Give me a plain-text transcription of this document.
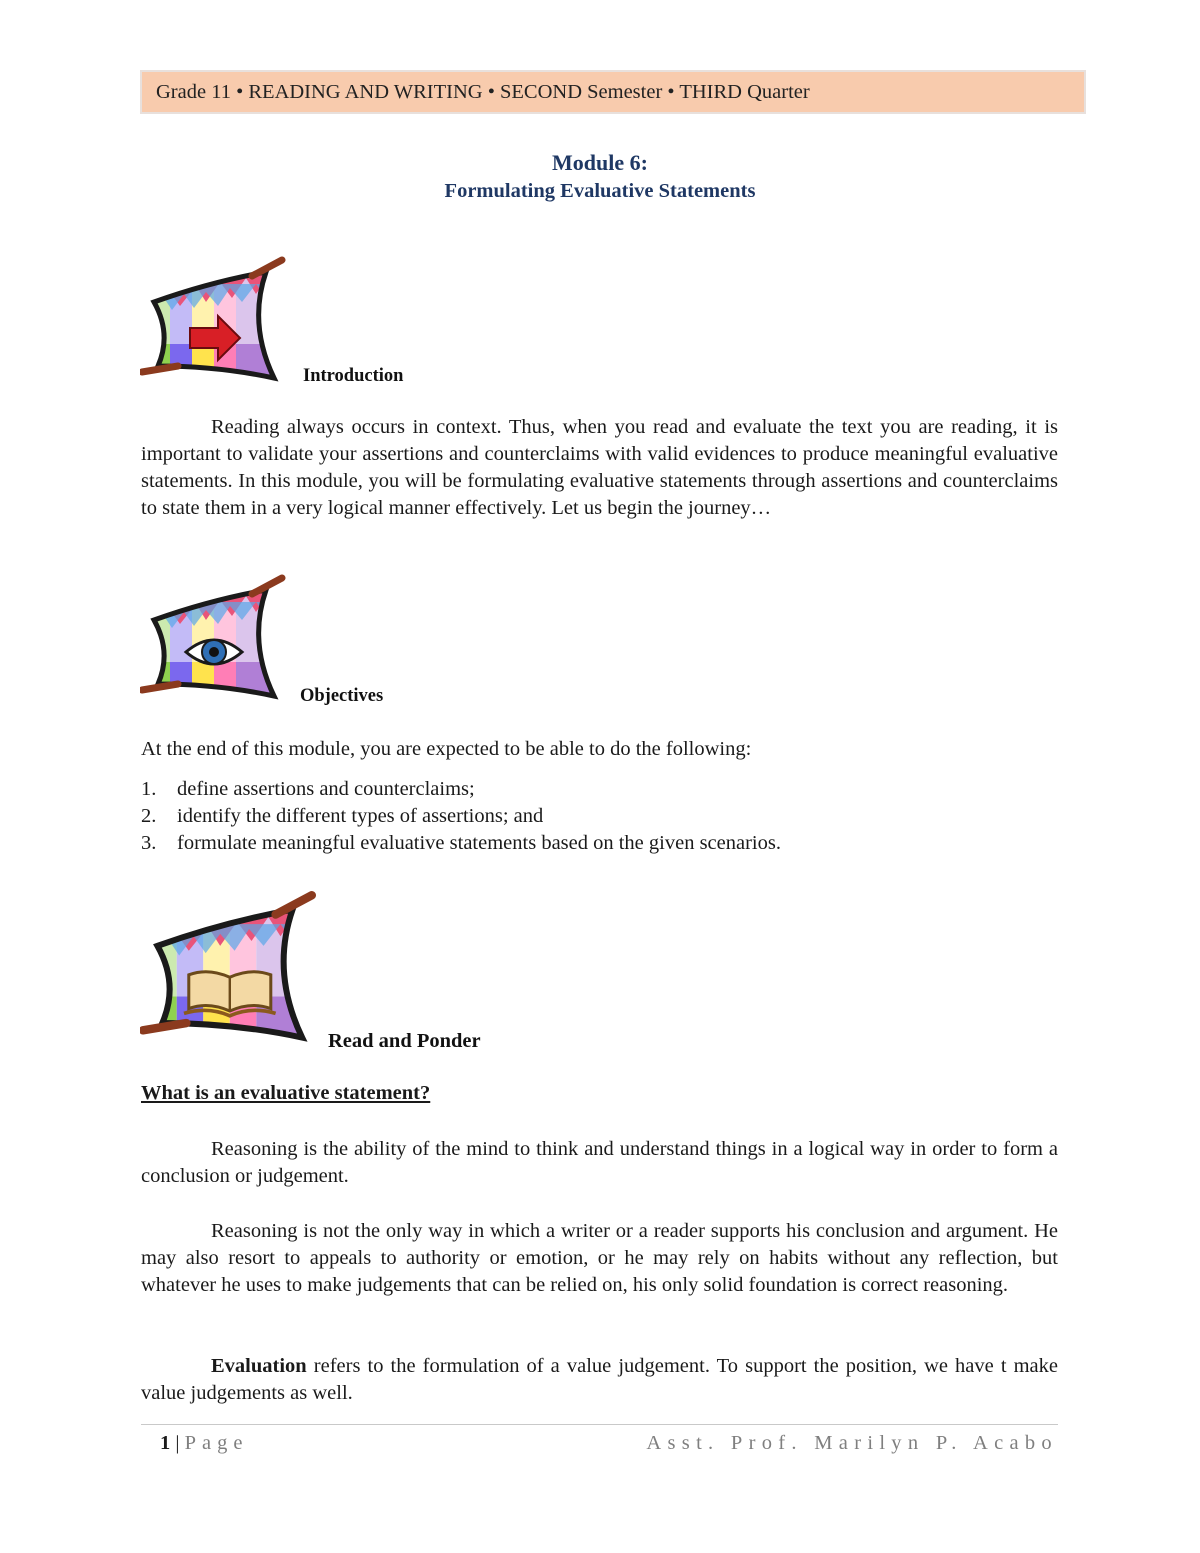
Grade 11 • READING AND WRITING • SECOND Semester • THIRD Quarter
Module 6:
Formulating Evaluative Statements
Introduction

Reading always occurs in context. Thus, when you read and evaluate the text you are reading, it is important to validate your assertions and counterclaims with valid evidences to produce meaningful evaluative statements. In this module, you will be formulating evaluative statements through assertions and counterclaims to state them in a very logical manner effectively. Let us begin the journey…

Objectives

At the end of this module, you are expected to be able to do the following:

1.	define assertions and counterclaims;
2.	identify the different types of assertions; and
3.	formulate meaningful evaluative statements based on the given scenarios.
Read and Ponder
What is an evaluative statement?

Reasoning is the ability of the mind to think and understand things in a logical way in order to form a conclusion or judgement.

Reasoning is not the only way in which a writer or a reader supports his conclusion and argument. He may also resort to appeals to authority or emotion, or he may rely on habits without any reflection, but whatever he uses to make judgements that can be relied on, his only solid foundation is correct reasoning.

Evaluation refers to the formulation of a value judgement. To support the position, we have t make value judgements as well.

1 | Page	Asst. Prof. Marilyn P. Acabo
